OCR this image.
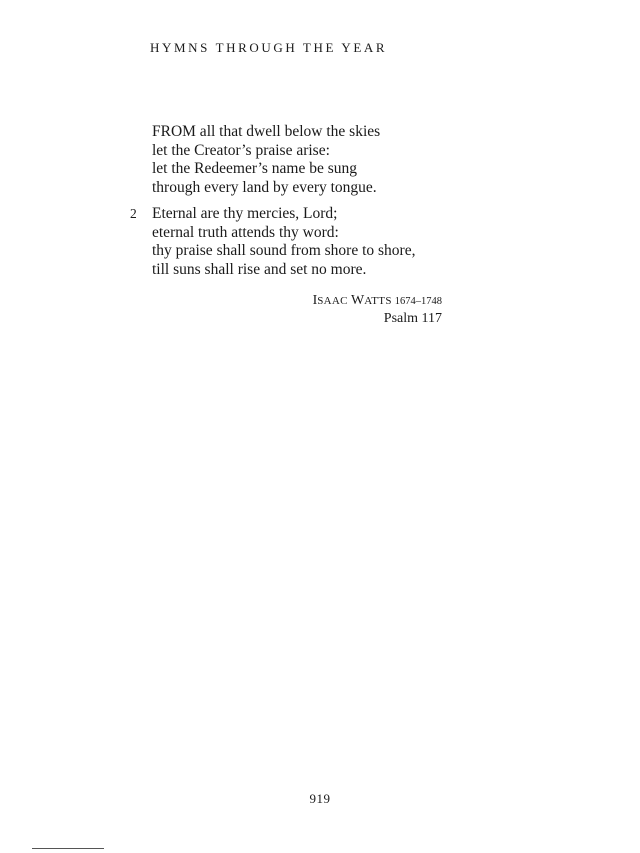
HYMNS THROUGH THE YEAR
FROM all that dwell below the skies
let the Creator’s praise arise:
let the Redeemer’s name be sung
through every land by every tongue.
2 Eternal are thy mercies, Lord;
eternal truth attends thy word:
thy praise shall sound from shore to shore,
till suns shall rise and set no more.
ISAAC WATTS 1674–1748
Psalm 117
919
